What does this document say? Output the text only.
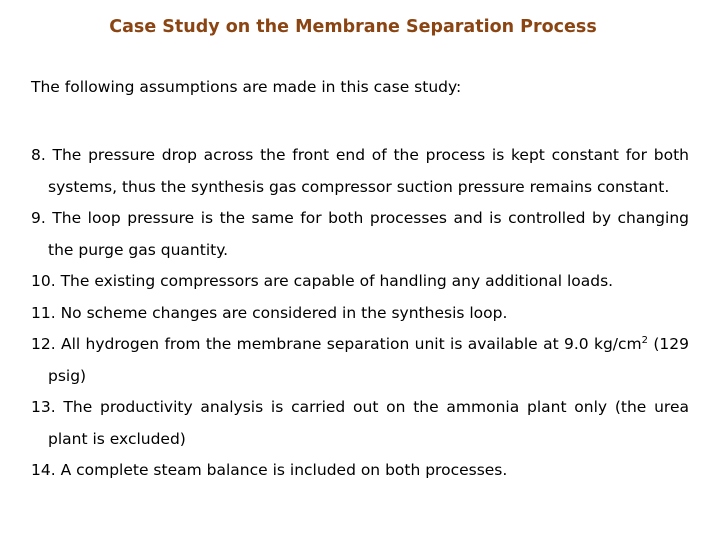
Case Study on the Membrane Separation Process
The following assumptions are made in this case study:
8. The pressure drop across the front end of the process is kept constant for both systems, thus the synthesis gas compressor suction pressure remains constant.
9. The loop pressure is the same for both processes and is controlled by changing the purge gas quantity.
10. The existing compressors are capable of handling any additional loads.
11. No scheme changes are considered in the synthesis loop.
12. All hydrogen from the membrane separation unit is available at 9.0 $kg/cm^2$ (129 psig)
13. The productivity analysis is carried out on the ammonia plant only (the urea plant is excluded)
14. A complete steam balance is included on both processes.
